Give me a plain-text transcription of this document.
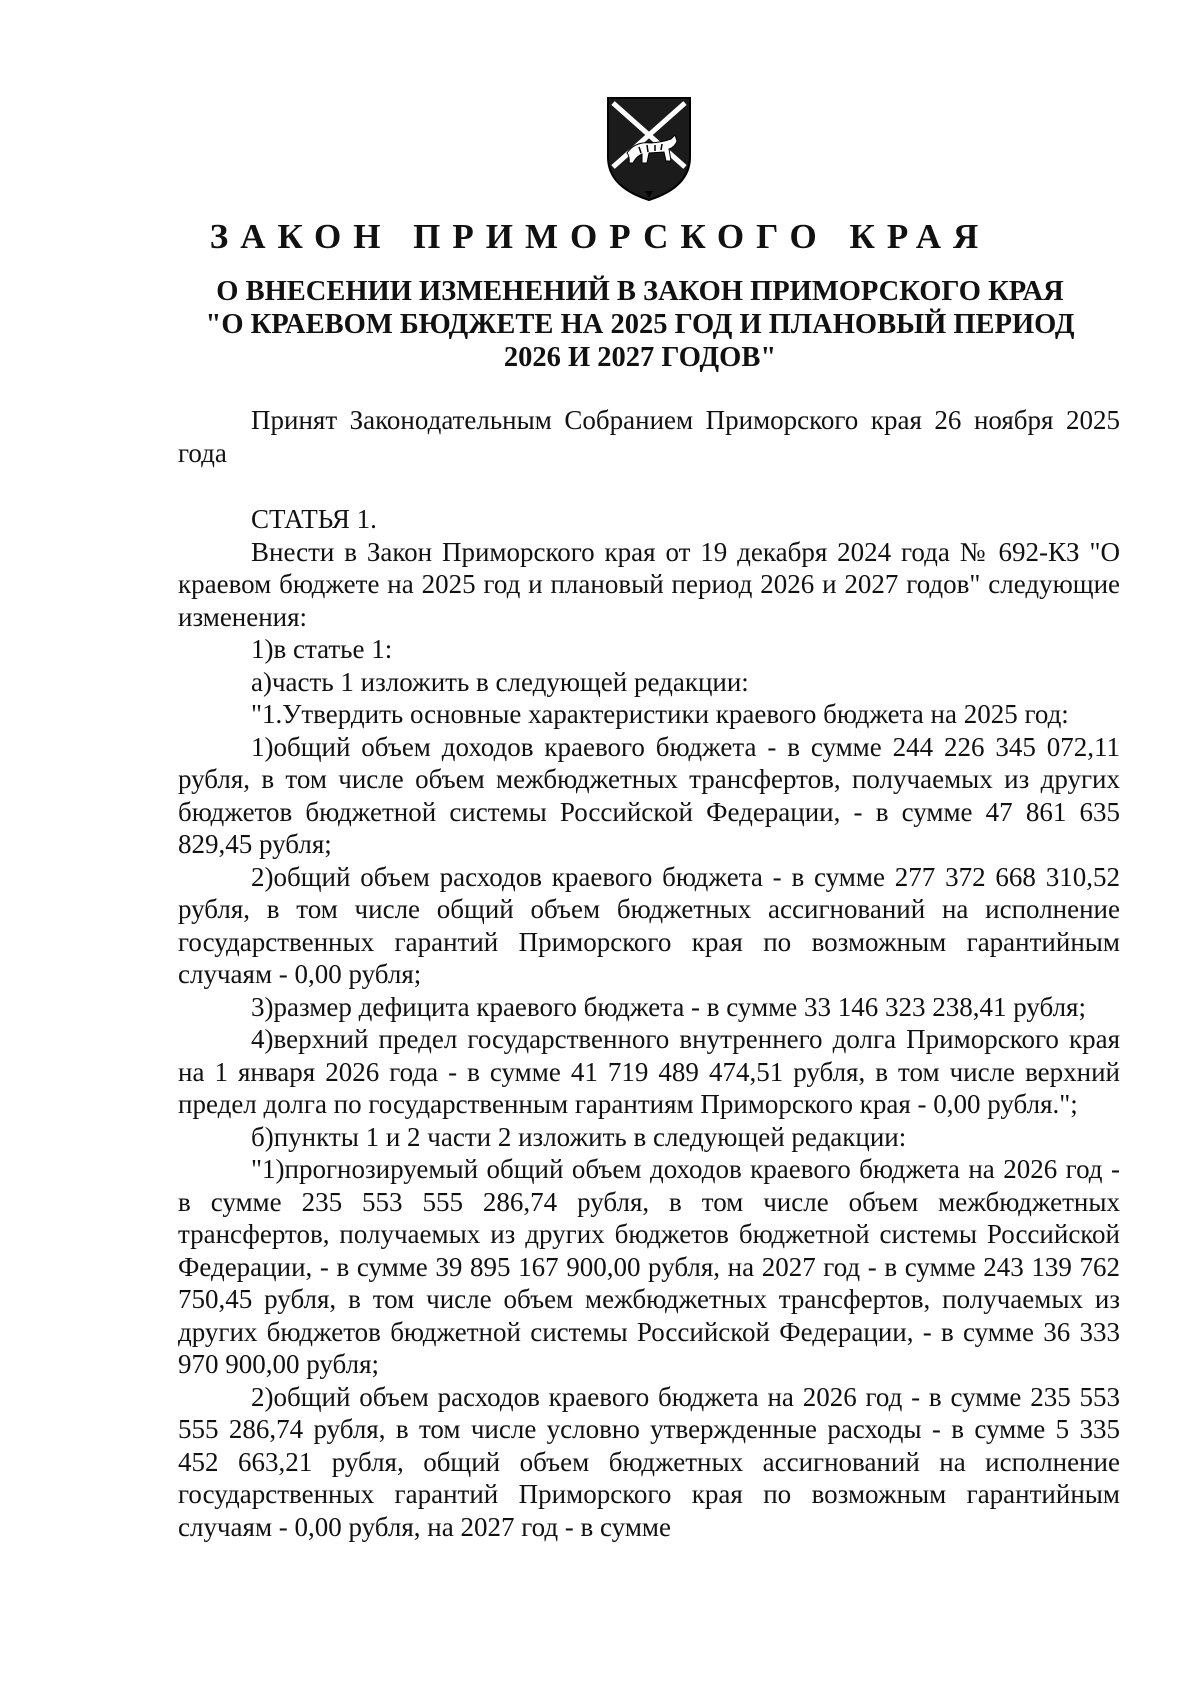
ЗАКОН ПРИМОРСКОГО КРАЯ
О ВНЕСЕНИИ ИЗМЕНЕНИЙ В ЗАКОН ПРИМОРСКОГО КРАЯ
"О КРАЕВОМ БЮДЖЕТЕ НА 2025 ГОД И ПЛАНОВЫЙ ПЕРИОД
2026 И 2027 ГОДОВ"

Принят Законодательным Собранием Приморского края 26 ноября 2025 года

СТАТЬЯ 1.

Внести в Закон Приморского края от 19 декабря 2024 года № 692-КЗ "О краевом бюджете на 2025 год и плановый период 2026 и 2027 годов" следующие изменения:

1)в статье 1:

а)часть 1 изложить в следующей редакции:

"1.Утвердить основные характеристики краевого бюджета на 2025 год:

1)общий объем доходов краевого бюджета - в сумме 244 226 345 072,11 рубля, в том числе объем межбюджетных трансфертов, получаемых из других бюджетов бюджетной системы Российской Федерации, - в сумме 47 861 635 829,45 рубля;

2)общий объем расходов краевого бюджета - в сумме 277 372 668 310,52 рубля, в том числе общий объем бюджетных ассигнований на исполнение государственных гарантий Приморского края по возможным гарантийным случаям - 0,00 рубля;

3)размер дефицита краевого бюджета - в сумме 33 146 323 238,41 рубля;

4)верхний предел государственного внутреннего долга Приморского края на 1 января 2026 года - в сумме 41 719 489 474,51 рубля, в том числе верхний предел долга по государственным гарантиям Приморского края - 0,00 рубля.";

б)пункты 1 и 2 части 2 изложить в следующей редакции:

"1)прогнозируемый общий объем доходов краевого бюджета на 2026 год - в сумме 235 553 555 286,74 рубля, в том числе объем межбюджетных трансфертов, получаемых из других бюджетов бюджетной системы Российской Федерации, - в сумме 39 895 167 900,00 рубля, на 2027 год - в сумме 243 139 762 750,45 рубля, в том числе объем межбюджетных трансфертов, получаемых из других бюджетов бюджетной системы Российской Федерации, - в сумме 36 333 970 900,00 рубля;

2)общий объем расходов краевого бюджета на 2026 год - в сумме 235 553 555 286,74 рубля, в том числе условно утвержденные расходы - в сумме 5 335 452 663,21 рубля, общий объем бюджетных ассигнований на исполнение государственных гарантий Приморского края по возможным гарантийным случаям - 0,00 рубля, на 2027 год - в сумме
